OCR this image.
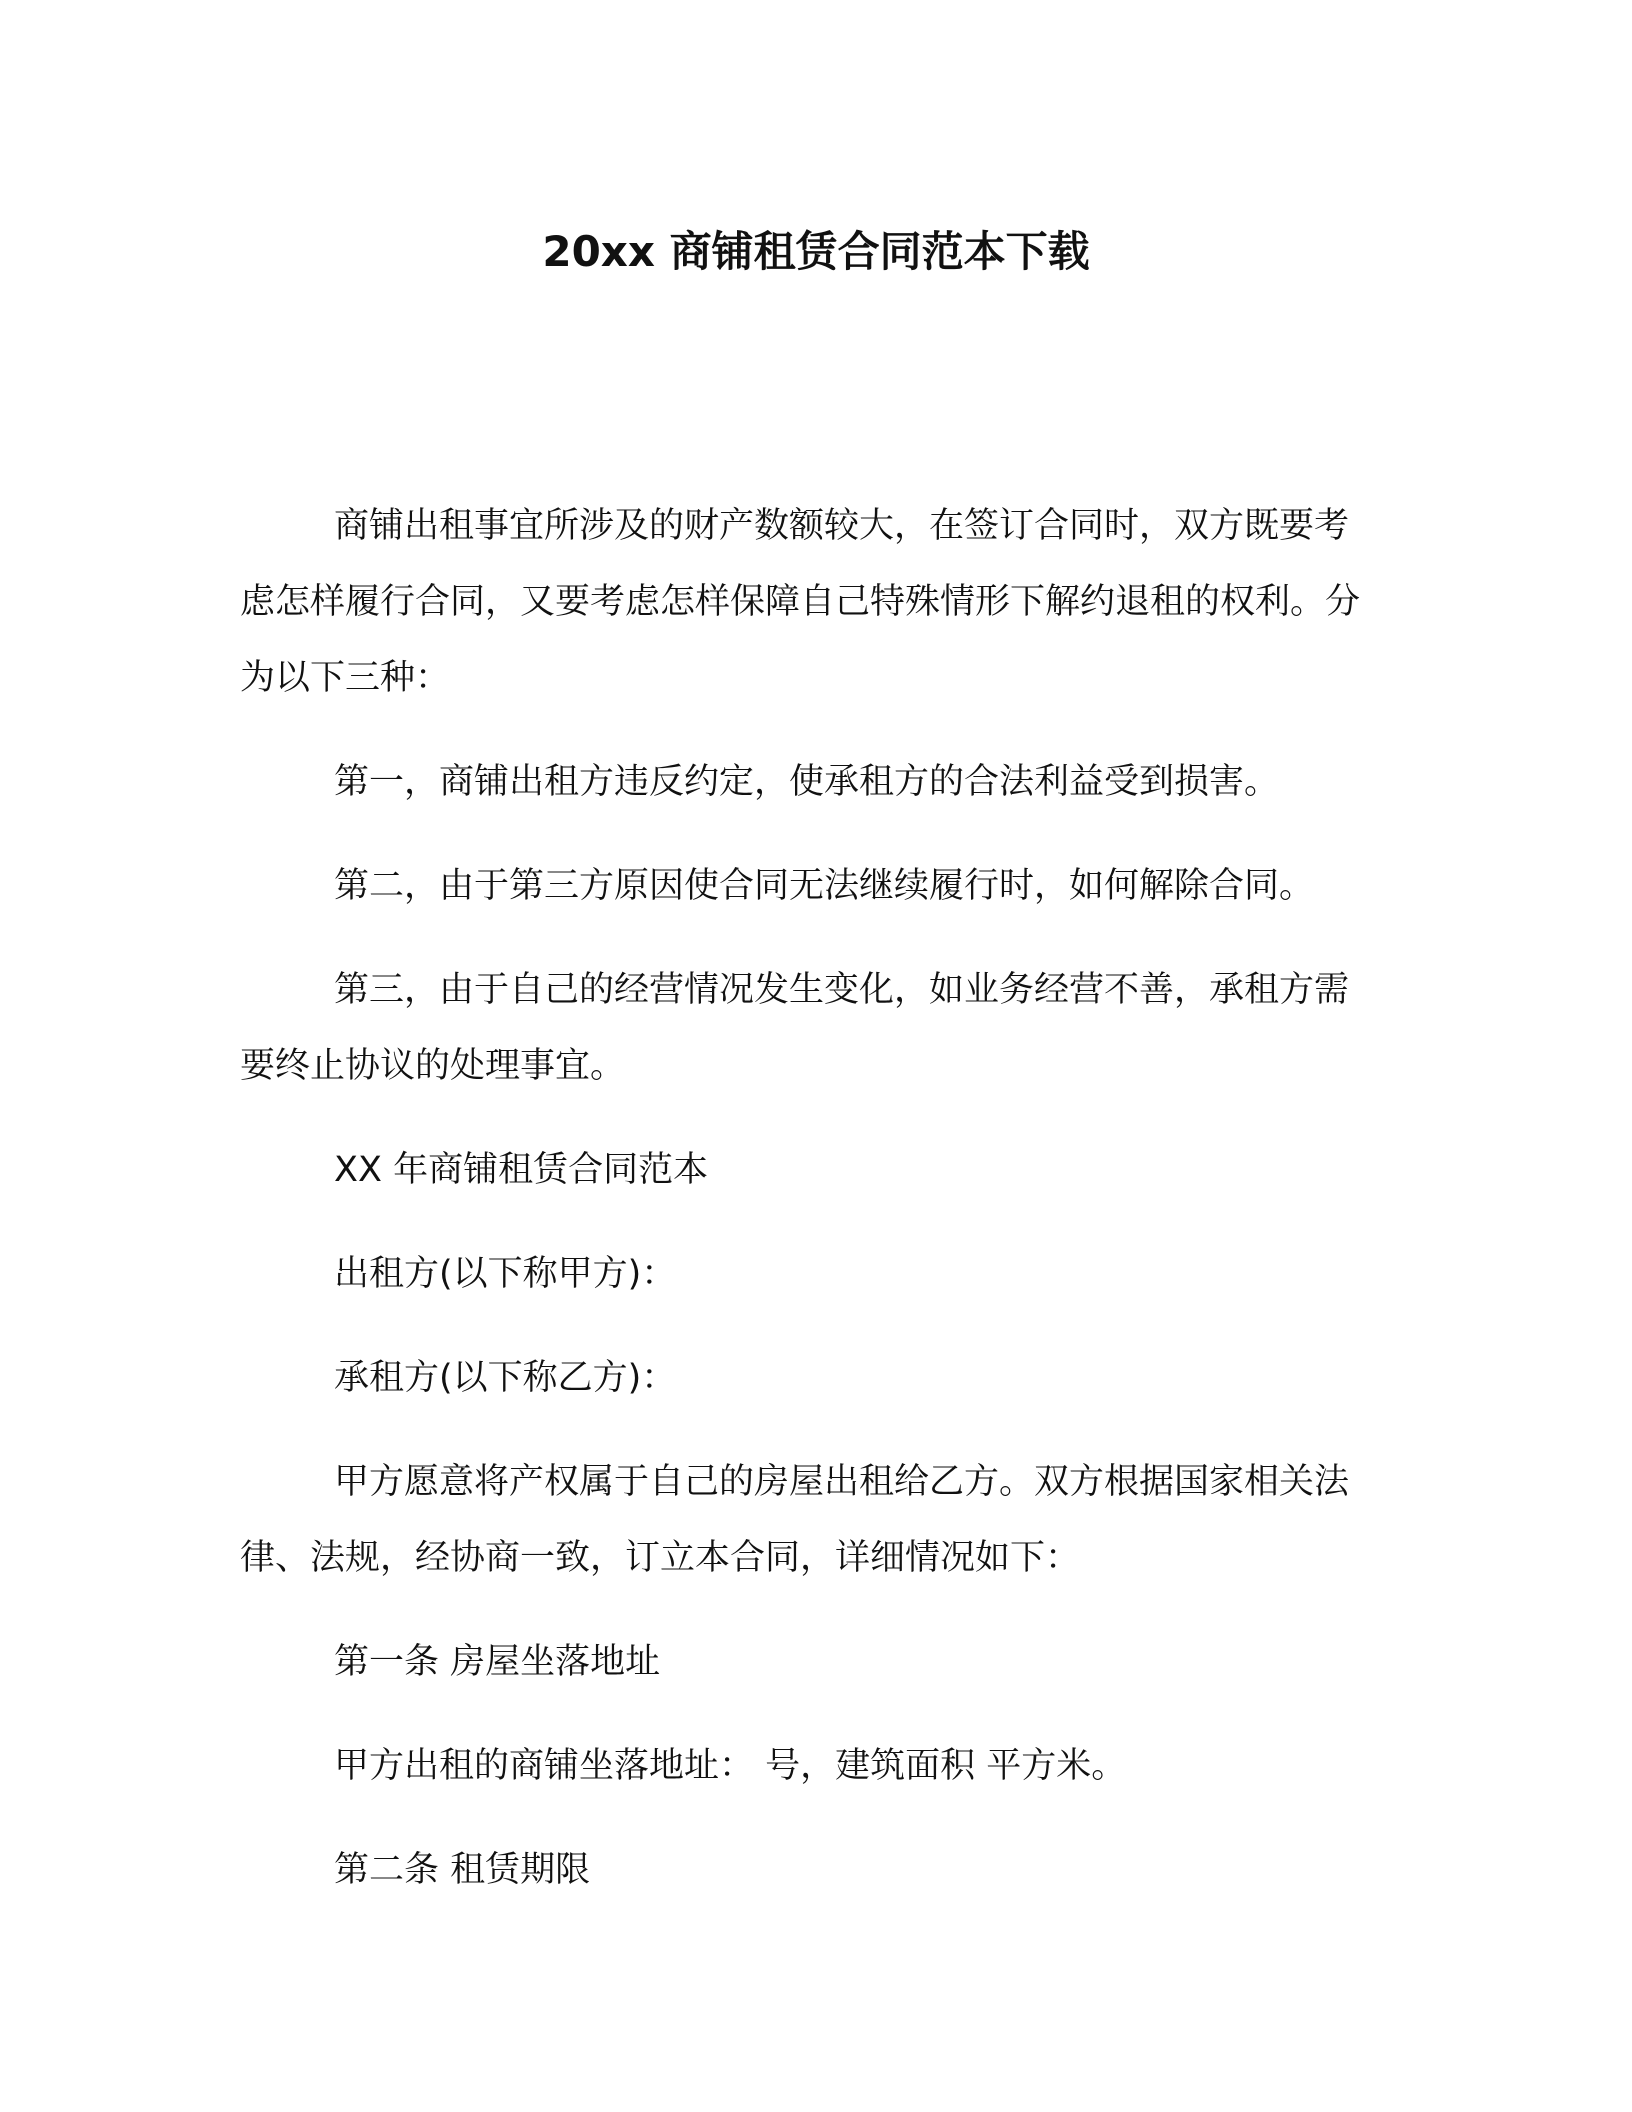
20xx 商铺租赁合同范本下载

商铺出租事宜所涉及的财产数额较大，在签订合同时，双方既要考虑怎样履行合同，又要考虑怎样保障自己特殊情形下解约退租的权利。分为以下三种：

第一，商铺出租方违反约定，使承租方的合法利益受到损害。

第二，由于第三方原因使合同无法继续履行时，如何解除合同。

第三，由于自己的经营情况发生变化，如业务经营不善，承租方需要终止协议的处理事宜。

XX 年商铺租赁合同范本

出租方(以下称甲方)：

承租方(以下称乙方)：

甲方愿意将产权属于自己的房屋出租给乙方。双方根据国家相关法律、法规，经协商一致，订立本合同，详细情况如下：

第一条 房屋坐落地址

甲方出租的商铺坐落地址： 号，建筑面积 平方米。

第二条 租赁期限
